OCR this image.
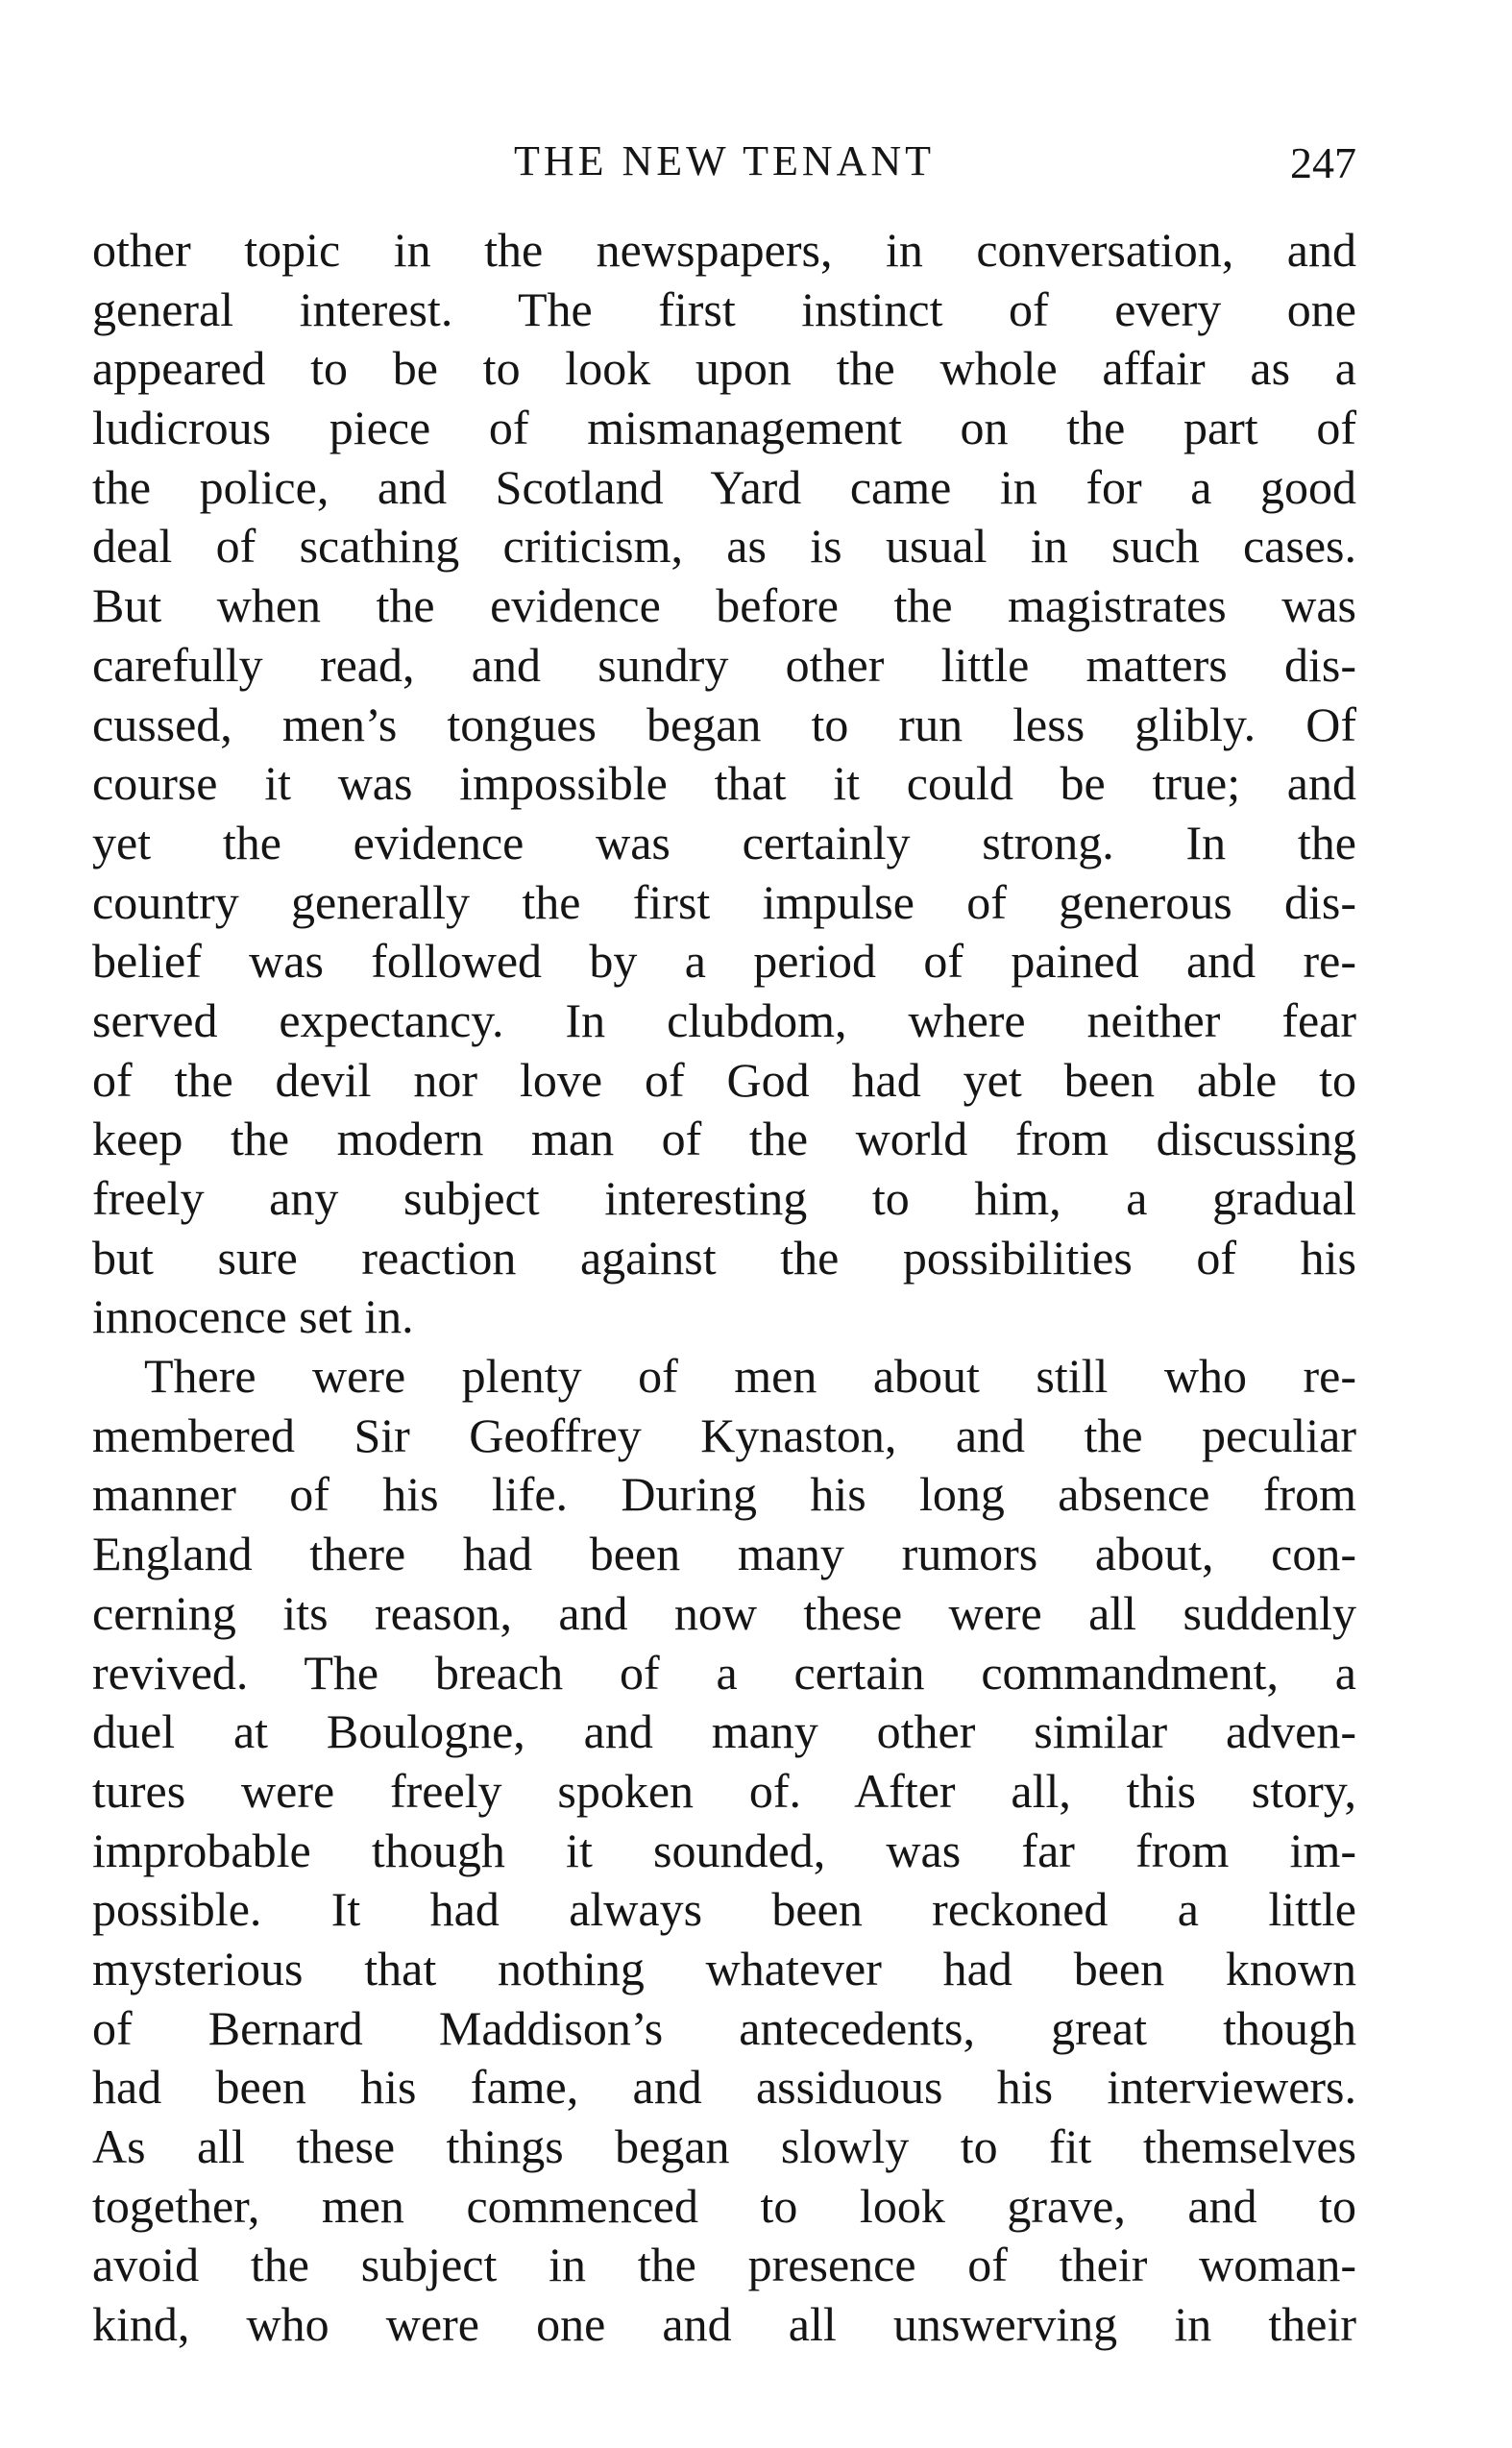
THE NEW TENANT	247
other topic in the newspapers, in conversation, and
general interest. The first instinct of every one
appeared to be to look upon the whole affair as a
ludicrous piece of mismanagement on the part of
the police, and Scotland Yard came in for a good
deal of scathing criticism, as is usual in such cases.
But when the evidence before the magistrates was
carefully read, and sundry other little matters dis-
cussed, men’s tongues began to run less glibly. Of
course it was impossible that it could be true; and
yet the evidence was certainly strong. In the
country generally the first impulse of generous dis-
belief was followed by a period of pained and re-
served expectancy. In clubdom, where neither fear
of the devil nor love of God had yet been able to
keep the modern man of the world from discussing
freely any subject interesting to him, a gradual
but sure reaction against the possibilities of his
innocence set in.
There were plenty of men about still who re-
membered Sir Geoffrey Kynaston, and the peculiar
manner of his life. During his long absence from
England there had been many rumors about, con-
cerning its reason, and now these were all suddenly
revived. The breach of a certain commandment, a
duel at Boulogne, and many other similar adven-
tures were freely spoken of. After all, this story,
improbable though it sounded, was far from im-
possible. It had always been reckoned a little
mysterious that nothing whatever had been known
of Bernard Maddison’s antecedents, great though
had been his fame, and assiduous his interviewers.
As all these things began slowly to fit themselves
together, men commenced to look grave, and to
avoid the subject in the presence of their woman-
kind, who were one and all unswerving in their
